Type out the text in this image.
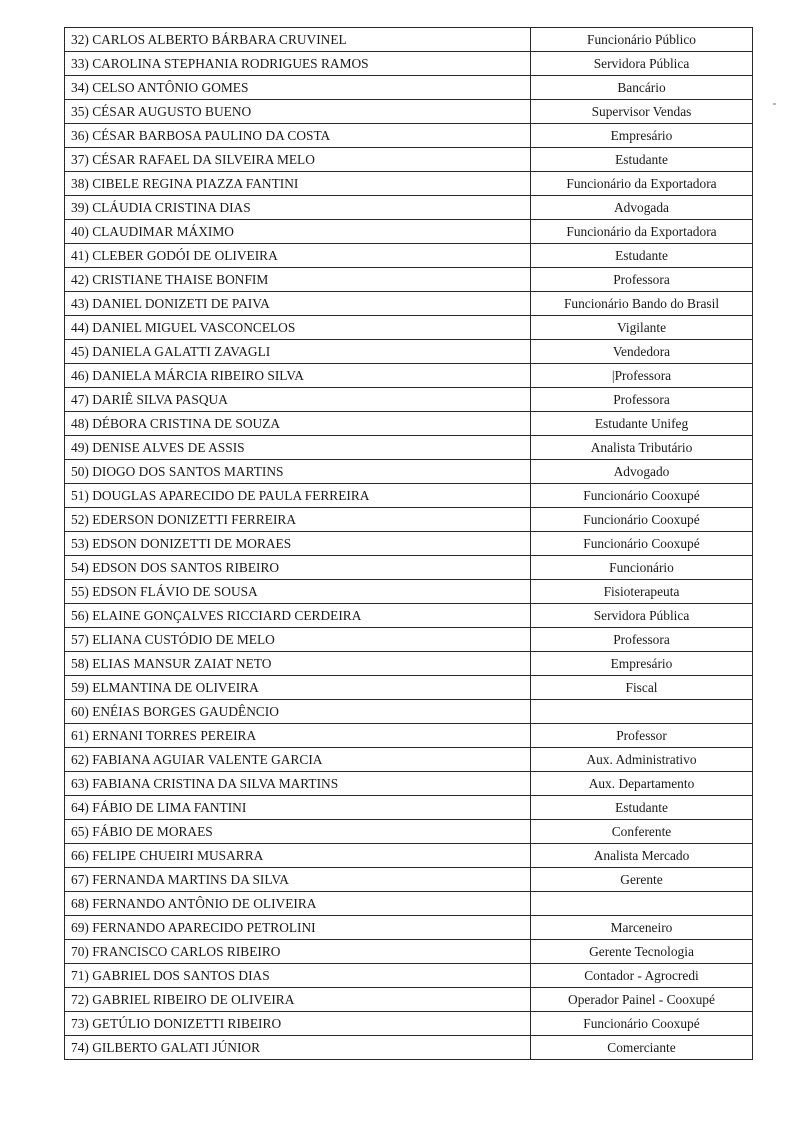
32) CARLOS ALBERTO BÁRBARA CRUVINEL	Funcionário Público
33) CAROLINA STEPHANIA RODRIGUES RAMOS	Servidora Pública
34) CELSO ANTÔNIO GOMES	Bancário
35) CÉSAR AUGUSTO BUENO	Supervisor Vendas
36) CÉSAR BARBOSA PAULINO DA COSTA	Empresário
37) CÉSAR RAFAEL DA SILVEIRA MELO	Estudante
38) CIBELE REGINA PIAZZA FANTINI	Funcionário da Exportadora
39) CLÁUDIA CRISTINA DIAS	Advogada
40) CLAUDIMAR MÁXIMO	Funcionário da Exportadora
41) CLEBER GODÓI DE OLIVEIRA	Estudante
42) CRISTIANE THAISE BONFIM	Professora
43) DANIEL DONIZETI DE PAIVA	Funcionário Bando do Brasil
44) DANIEL MIGUEL VASCONCELOS	Vigilante
45) DANIELA GALATTI ZAVAGLI	Vendedora
46) DANIELA MÁRCIA RIBEIRO SILVA	|Professora
47) DARIÊ SILVA PASQUA	Professora
48) DÉBORA CRISTINA DE SOUZA	Estudante Unifeg
49) DENISE ALVES DE ASSIS	Analista Tributário
50) DIOGO DOS SANTOS MARTINS	Advogado
51) DOUGLAS APARECIDO DE PAULA FERREIRA	Funcionário Cooxupé
52) EDERSON DONIZETTI FERREIRA	Funcionário Cooxupé
53) EDSON DONIZETTI DE MORAES	Funcionário Cooxupé
54) EDSON DOS SANTOS RIBEIRO	Funcionário
55) EDSON FLÁVIO DE SOUSA	Fisioterapeuta
56) ELAINE GONÇALVES RICCIARD CERDEIRA	Servidora Pública
57) ELIANA CUSTÓDIO DE MELO	Professora
58) ELIAS MANSUR ZAIAT NETO	Empresário
59) ELMANTINA DE OLIVEIRA	Fiscal
60) ENÉIAS BORGES GAUDÊNCIO	
61) ERNANI TORRES PEREIRA	Professor
62) FABIANA AGUIAR VALENTE GARCIA	Aux. Administrativo
63) FABIANA CRISTINA DA SILVA MARTINS	Aux. Departamento
64) FÁBIO DE LIMA FANTINI	Estudante
65) FÁBIO DE MORAES	Conferente
66) FELIPE CHUEIRI MUSARRA	Analista Mercado
67) FERNANDA MARTINS DA SILVA	Gerente
68) FERNANDO ANTÔNIO DE OLIVEIRA	
69) FERNANDO APARECIDO PETROLINI	Marceneiro
70) FRANCISCO CARLOS RIBEIRO	Gerente Tecnologia
71) GABRIEL DOS SANTOS DIAS	Contador - Agrocredi
72) GABRIEL RIBEIRO DE OLIVEIRA	Operador Painel - Cooxupé
73) GETÚLIO DONIZETTI RIBEIRO	Funcionário Cooxupé
74) GILBERTO GALATI JÚNIOR	Comerciante
